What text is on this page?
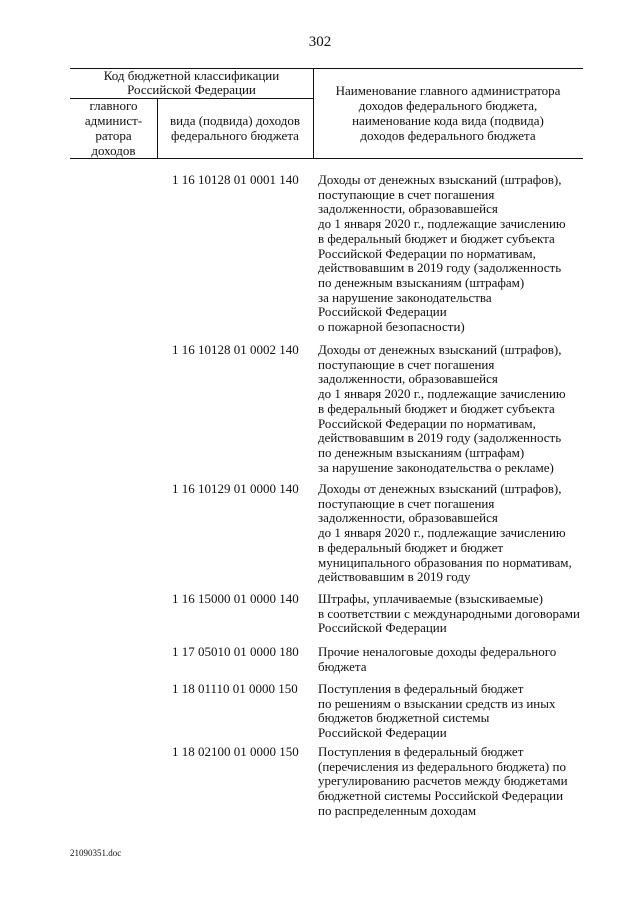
302
Код бюджетной классификации
Российской Федерации
главного
админист-
ратора
доходов
вида (подвида) доходов
федерального бюджета
Наименование главного администратора
доходов федерального бюджета,
наименование кода вида (подвида)
доходов федерального бюджета
1 16 10128 01 0001 140 Доходы от денежных взысканий (штрафов),
поступающие в счет погашения
задолженности, образовавшейся
до 1 января 2020 г., подлежащие зачислению
в федеральный бюджет и бюджет субъекта
Российской Федерации по нормативам,
действовавшим в 2019 году (задолженность
по денежным взысканиям (штрафам)
за нарушение законодательства
Российской Федерации
о пожарной безопасности)
1 16 10128 01 0002 140 Доходы от денежных взысканий (штрафов),
поступающие в счет погашения
задолженности, образовавшейся
до 1 января 2020 г., подлежащие зачислению
в федеральный бюджет и бюджет субъекта
Российской Федерации по нормативам,
действовавшим в 2019 году (задолженность
по денежным взысканиям (штрафам)
за нарушение законодательства о рекламе)
1 16 10129 01 0000 140 Доходы от денежных взысканий (штрафов),
поступающие в счет погашения
задолженности, образовавшейся
до 1 января 2020 г., подлежащие зачислению
в федеральный бюджет и бюджет
муниципального образования по нормативам,
действовавшим в 2019 году
1 16 15000 01 0000 140 Штрафы, уплачиваемые (взыскиваемые)
в соответствии с международными договорами
Российской Федерации
1 17 05010 01 0000 180 Прочие неналоговые доходы федерального
бюджета
1 18 01110 01 0000 150 Поступления в федеральный бюджет
по решениям о взыскании средств из иных
бюджетов бюджетной системы
Российской Федерации
1 18 02100 01 0000 150 Поступления в федеральный бюджет
(перечисления из федерального бюджета) по
урегулированию расчетов между бюджетами
бюджетной системы Российской Федерации
по распределенным доходам
21090351.doc
